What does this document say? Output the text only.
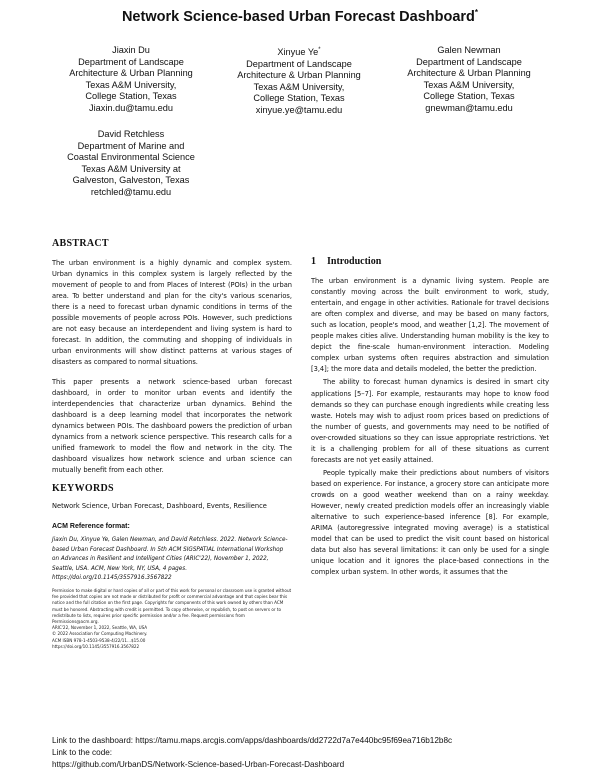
Network Science-based Urban Forecast Dashboard*
Jiaxin Du
Department of Landscape
Architecture & Urban Planning
Texas A&M University,
College Station, Texas
Jiaxin.du@tamu.edu
Xinyue Ye*
Department of Landscape
Architecture & Urban Planning
Texas A&M University,
College Station, Texas
xinyue.ye@tamu.edu
Galen Newman
Department of Landscape
Architecture & Urban Planning
Texas A&M University,
College Station, Texas
gnewman@tamu.edu
David Retchless
Department of Marine and
Coastal Environmental Science
Texas A&M University at
Galveston, Galveston, Texas
retchled@tamu.edu
ABSTRACT

The urban environment is a highly dynamic and complex system. Urban dynamics in this complex system is largely reflected by the movement of people to and from Places of Interest (POIs) in the urban area. To better understand and plan for the city's various scenarios, there is a need to forecast urban dynamic conditions in terms of the possible movements of people across POIs. However, such predictions are not easy because an interdependent and living system is hard to forecast. In addition, the commuting and shopping of individuals in urban environments will show distinct patterns at various stages of disasters as compared to normal situations.

This paper presents a network science-based urban forecast dashboard, in order to monitor urban events and identify the interdependencies that characterize urban dynamics. Behind the dashboard is a deep learning model that incorporates the network dynamics between POIs. The dashboard powers the prediction of urban dynamics from a network science perspective. This research calls for a unified framework to model the flow and network in the city. The dashboard visualizes how network science and urban science can mutually benefit from each other.

KEYWORDS

Network Science, Urban Forecast, Dashboard, Events, Resilience

ACM Reference format:
Jiaxin Du, Xinyue Ye, Galen Newman, and David Retchless. 2022. Network Science-based Urban Forecast Dashboard. In 5th ACM SIGSPATIAL International Workshop on Advances in Resilient and Intelligent Cities (ARIC'22), November 1, 2022, Seattle, USA. ACM, New York, NY, USA, 4 pages. https://doi.org/10.1145/3557916.3567822
Permission to make digital or hard copies of all or part of this work for personal or classroom use is granted without fee provided that copies are not made or distributed for profit or commercial advantage and that copies bear this notice and the full citation on the first page. Copyrights for components of this work owned by others than ACM must be honored. Abstracting with credit is permitted. To copy otherwise, or republish, to post on servers or to redistribute to lists, requires prior specific permission and/or a fee. Request permissions from Permissions@acm.org.
ARIC'22, November 1, 2022, Seattle, WA, USA
© 2022 Association for Computing Machinery.
ACM ISBN 978-1-4503-9538-4/22/11...$15.00
https://doi.org/10.1145/3557916.3567822
1 Introduction

The urban environment is a dynamic living system. People are constantly moving across the built environment to work, study, entertain, and engage in other activities. Rationale for travel decisions are often complex and diverse, and may be based on many factors, such as location, people's mood, and weather [1,2]. The movement of people makes cities alive. Understanding human mobility is the key to depict the fine-scale human-environment interaction. Modeling complex urban systems often requires abstraction and simulation [3,4]; the more data and details modeled, the better the prediction.

The ability to forecast human dynamics is desired in smart city applications [5–7]. For example, restaurants may hope to know food demands so they can purchase enough ingredients while creating less waste. Hotels may wish to adjust room prices based on predictions of the number of guests, and governments may need to be notified of over-crowded situations so they can issue appropriate restrictions. Yet it is a challenging problem for all of these situations as current forecasts are not yet easily attained.

People typically make their predictions about numbers of visitors based on experience. For instance, a grocery store can anticipate more crowds on a good weather weekend than on a rainy weekday. However, newly created prediction models offer an increasingly viable alternative to such experience-based inference [8]. For example, ARIMA (autoregressive integrated moving average) is a statistical model that can be used to predict the visit count based on historical data but also has several limitations: it can only be used for a single unique location and it ignores the place-based connections in the complex urban system. In other words, it assumes that the

Link to the dashboard: https://tamu.maps.arcgis.com/apps/dashboards/dd2722d7a7e440bc95f69ea716b12b8c
Link to the code:
https://github.com/UrbanDS/Network-Science-based-Urban-Forecast-Dashboard
